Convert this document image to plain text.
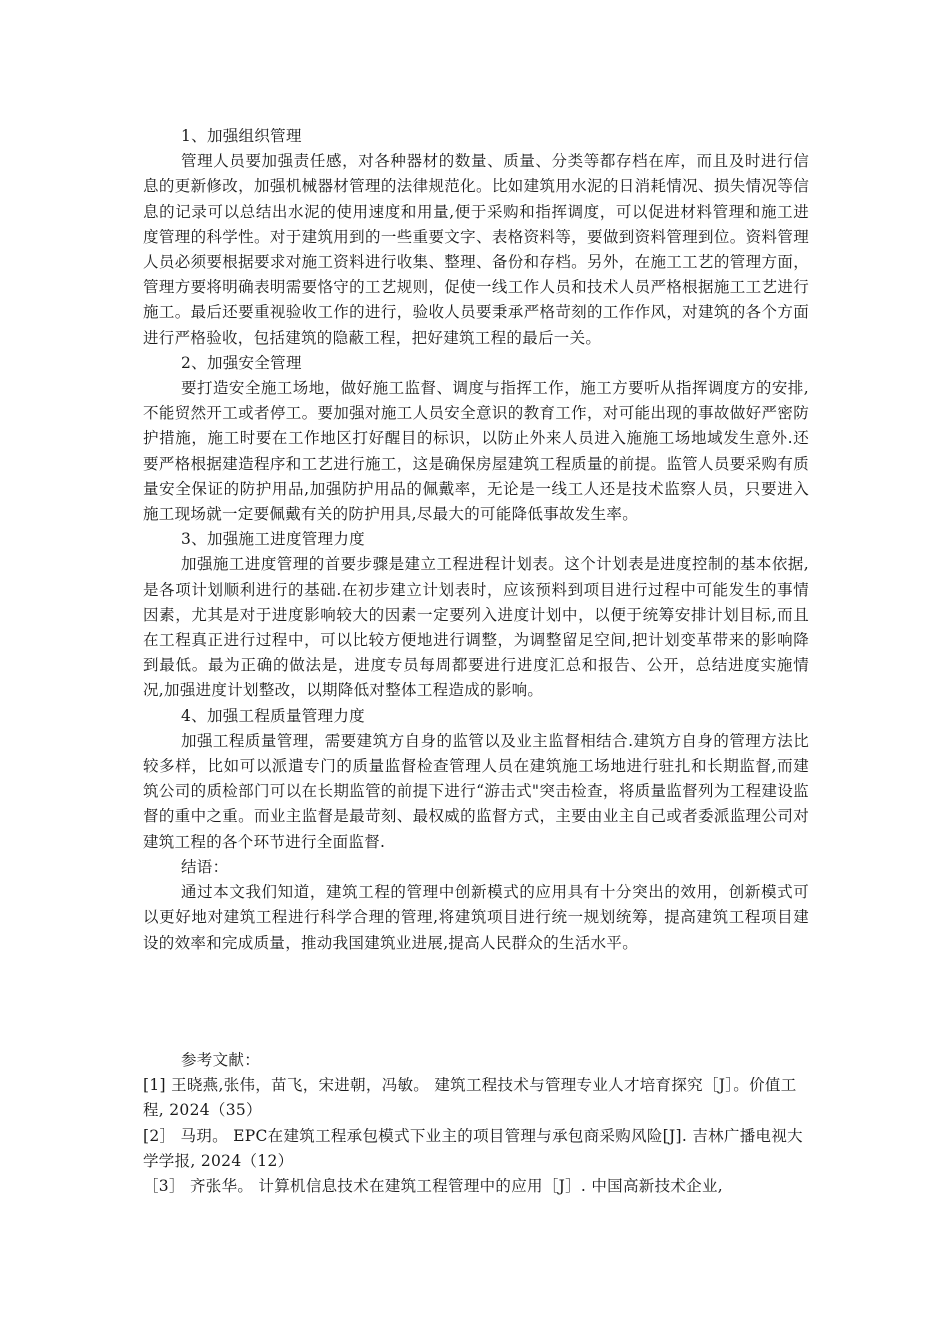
1、加强组织管理

管理人员要加强责任感，对各种器材的数量、质量、分类等都存档在库，而且及时进行信息的更新修改，加强机械器材管理的法律规范化。比如建筑用水泥的日消耗情况、损失情况等信息的记录可以总结出水泥的使用速度和用量,便于采购和指挥调度，可以促进材料管理和施工进度管理的科学性。对于建筑用到的一些重要文字、表格资料等，要做到资料管理到位。资料管理人员必须要根据要求对施工资料进行收集、整理、备份和存档。另外，在施工工艺的管理方面，管理方要将明确表明需要恪守的工艺规则，促使一线工作人员和技术人员严格根据施工工艺进行施工。最后还要重视验收工作的进行，验收人员要秉承严格苛刻的工作作风，对建筑的各个方面进行严格验收，包括建筑的隐蔽工程，把好建筑工程的最后一关。

2、加强安全管理

要打造安全施工场地，做好施工监督、调度与指挥工作，施工方要听从指挥调度方的安排,不能贸然开工或者停工。要加强对施工人员安全意识的教育工作，对可能出现的事故做好严密防护措施，施工时要在工作地区打好醒目的标识，以防止外来人员进入施施工场地域发生意外.还要严格根据建造程序和工艺进行施工，这是确保房屋建筑工程质量的前提。监管人员要采购有质量安全保证的防护用品,加强防护用品的佩戴率，无论是一线工人还是技术监察人员，只要进入施工现场就一定要佩戴有关的防护用具,尽最大的可能降低事故发生率。

3、加强施工进度管理力度

加强施工进度管理的首要步骤是建立工程进程计划表。这个计划表是进度控制的基本依据,是各项计划顺利进行的基础.在初步建立计划表时，应该预料到项目进行过程中可能发生的事情因素，尤其是对于进度影响较大的因素一定要列入进度计划中，以便于统筹安排计划目标,而且在工程真正进行过程中，可以比较方便地进行调整，为调整留足空间,把计划变革带来的影响降到最低。最为正确的做法是，进度专员每周都要进行进度汇总和报告、公开，总结进度实施情况,加强进度计划整改，以期降低对整体工程造成的影响。

4、加强工程质量管理力度

加强工程质量管理，需要建筑方自身的监管以及业主监督相结合.建筑方自身的管理方法比较多样，比如可以派遣专门的质量监督检查管理人员在建筑施工场地进行驻扎和长期监督,而建筑公司的质检部门可以在长期监管的前提下进行“游击式"突击检查，将质量监督列为工程建设监督的重中之重。而业主监督是最苛刻、最权威的监督方式，主要由业主自己或者委派监理公司对建筑工程的各个环节进行全面监督.

结语：

通过本文我们知道，建筑工程的管理中创新模式的应用具有十分突出的效用，创新模式可以更好地对建筑工程进行科学合理的管理,将建筑项目进行统一规划统筹，提高建筑工程项目建设的效率和完成质量，推动我国建筑业进展,提高人民群众的生活水平。

参考文献：

[1] 王晓燕,张伟，苗飞，宋进朝，冯敏。 建筑工程技术与管理专业人才培育探究［J］。价值工程, 2024（35）

[2］ 马玥。 EPC在建筑工程承包模式下业主的项目管理与承包商采购风险[J]. 吉林广播电视大学学报, 2024（12）

［3］ 齐张华。 计算机信息技术在建筑工程管理中的应用［J］. 中国高新技术企业,
